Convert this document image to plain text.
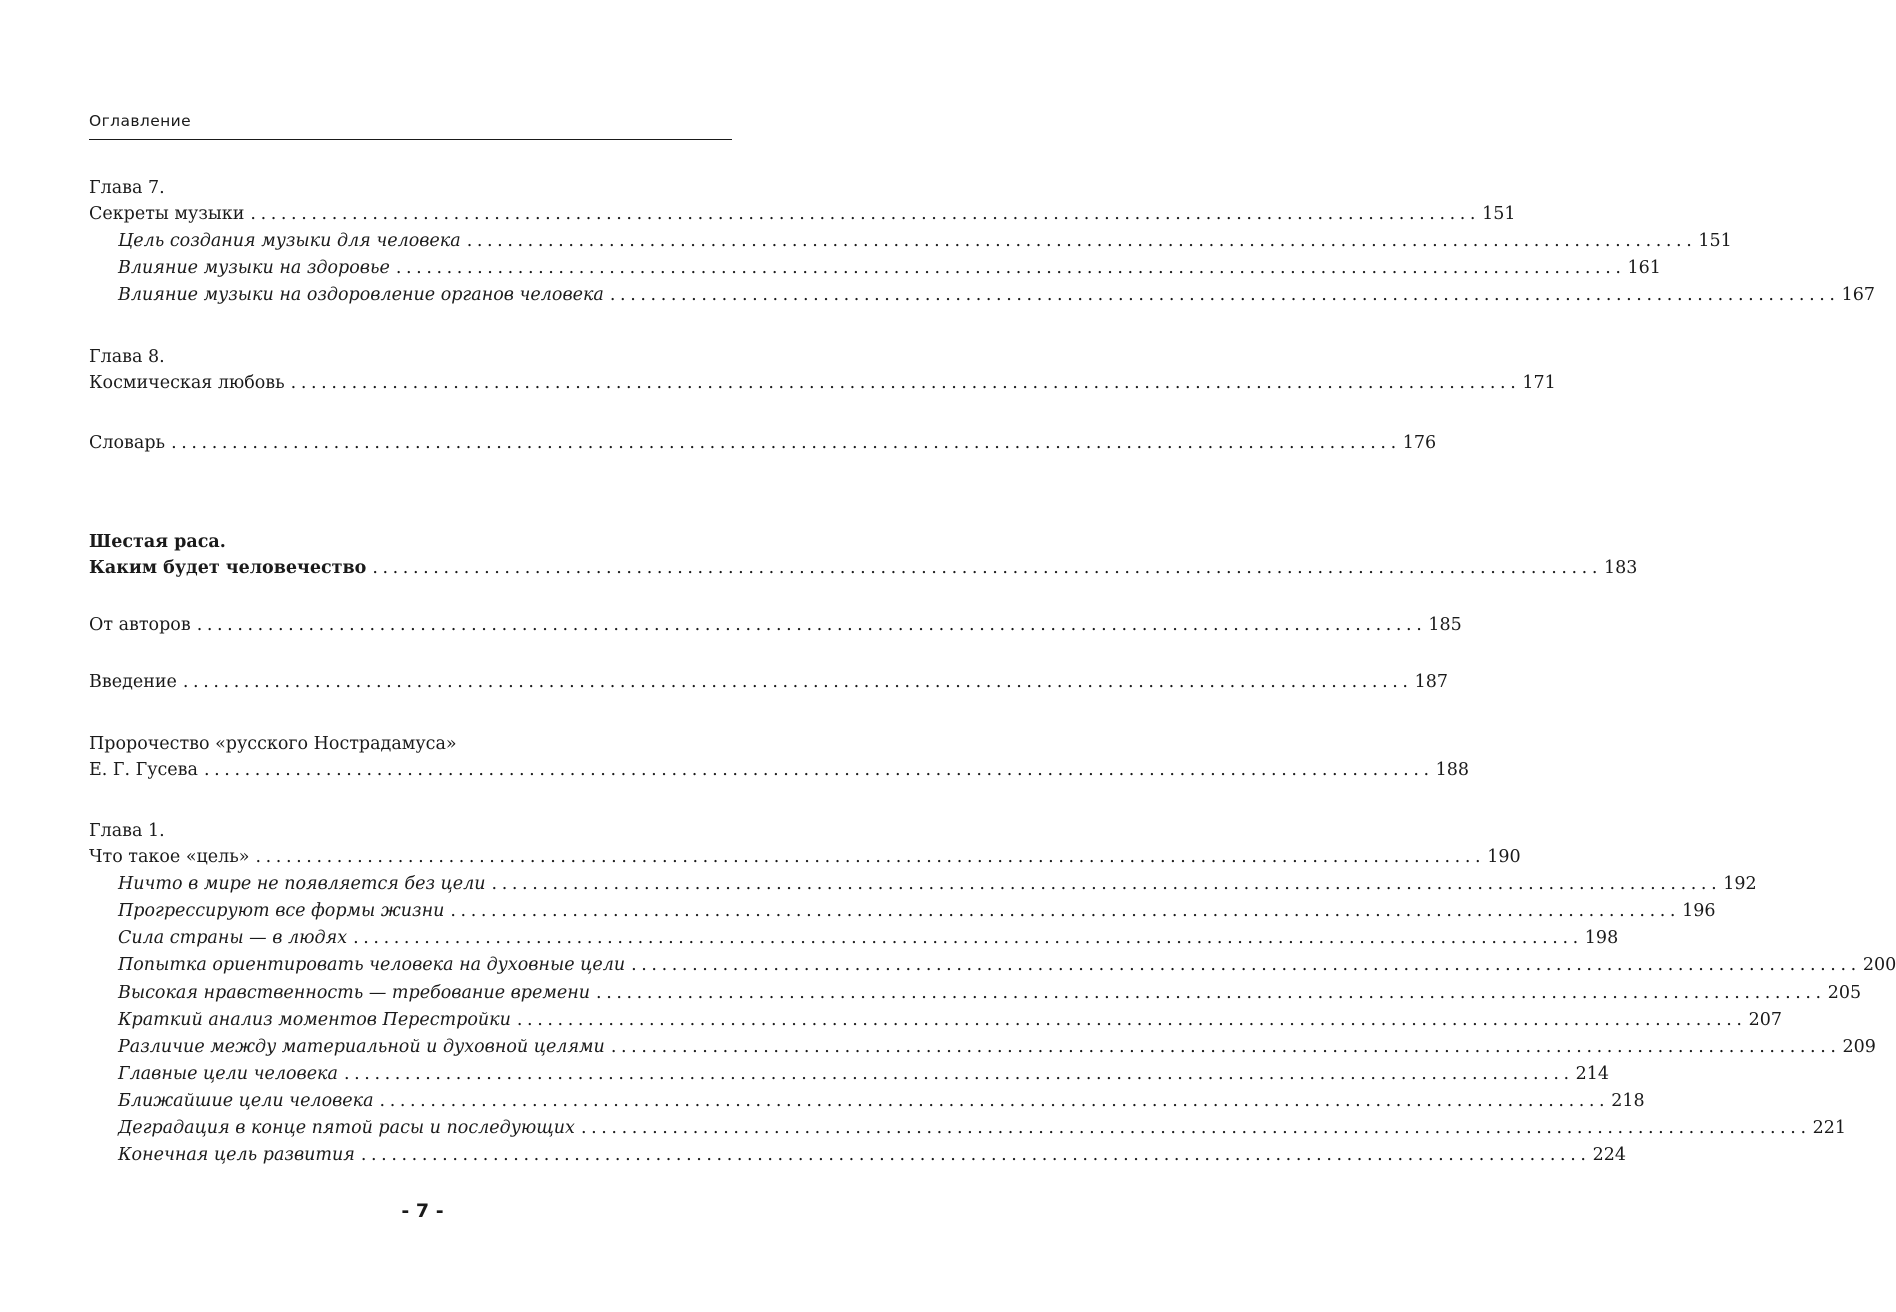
Оглавление
Глава 7.
Секреты музыки ......................................................................................................................... 151
Цель создания музыки для человека ......................................................................................................................... 151
Влияние музыки на здоровье ......................................................................................................................... 161
Влияние музыки на оздоровление органов человека ......................................................................................................................... 167
Глава 8.
Космическая любовь ......................................................................................................................... 171
Словарь ......................................................................................................................... 176
Шестая раса.
Каким будет человечество ......................................................................................................................... 183
От авторов ......................................................................................................................... 185
Введение ......................................................................................................................... 187
Пророчество «русского Нострадамуса»
Е. Г. Гусева ......................................................................................................................... 188
Глава 1.
Что такое «цель» ......................................................................................................................... 190
Ничто в мире не появляется без цели ......................................................................................................................... 192
Прогрессируют все формы жизни ......................................................................................................................... 196
Сила страны — в людях ......................................................................................................................... 198
Попытка ориентировать человека на духовные цели ......................................................................................................................... 200
Высокая нравственность — требование времени ......................................................................................................................... 205
Краткий анализ моментов Перестройки ......................................................................................................................... 207
Различие между материальной и духовной целями ......................................................................................................................... 209
Главные цели человека ......................................................................................................................... 214
Ближайшие цели человека ......................................................................................................................... 218
Деградация в конце пятой расы и последующих ......................................................................................................................... 221
Конечная цель развития ......................................................................................................................... 224
- 7 -
